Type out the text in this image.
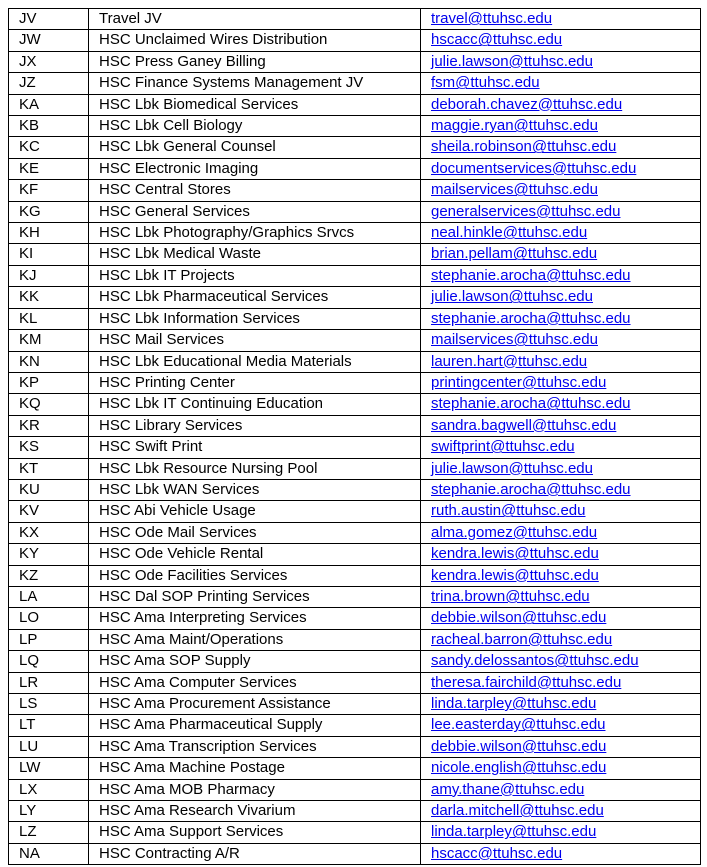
JV	Travel JV	travel@ttuhsc.edu
JW	HSC Unclaimed Wires Distribution	hscacc@ttuhsc.edu
JX	HSC Press Ganey Billing	julie.lawson@ttuhsc.edu
JZ	HSC Finance Systems Management JV	fsm@ttuhsc.edu
KA	HSC Lbk Biomedical Services	deborah.chavez@ttuhsc.edu
KB	HSC Lbk Cell Biology	maggie.ryan@ttuhsc.edu
KC	HSC Lbk General Counsel	sheila.robinson@ttuhsc.edu
KE	HSC Electronic Imaging	documentservices@ttuhsc.edu
KF	HSC Central Stores	mailservices@ttuhsc.edu
KG	HSC General Services	generalservices@ttuhsc.edu
KH	HSC Lbk Photography/Graphics Srvcs	neal.hinkle@ttuhsc.edu
KI	HSC Lbk Medical Waste	brian.pellam@ttuhsc.edu
KJ	HSC Lbk IT Projects	stephanie.arocha@ttuhsc.edu
KK	HSC Lbk Pharmaceutical Services	julie.lawson@ttuhsc.edu
KL	HSC Lbk Information Services	stephanie.arocha@ttuhsc.edu
KM	HSC Mail Services	mailservices@ttuhsc.edu
KN	HSC Lbk Educational Media Materials	lauren.hart@ttuhsc.edu
KP	HSC Printing Center	printingcenter@ttuhsc.edu
KQ	HSC Lbk IT Continuing Education	stephanie.arocha@ttuhsc.edu
KR	HSC Library Services	sandra.bagwell@ttuhsc.edu
KS	HSC Swift Print	swiftprint@ttuhsc.edu
KT	HSC Lbk Resource Nursing Pool	julie.lawson@ttuhsc.edu
KU	HSC Lbk WAN Services	stephanie.arocha@ttuhsc.edu
KV	HSC Abi Vehicle Usage	ruth.austin@ttuhsc.edu
KX	HSC Ode Mail Services	alma.gomez@ttuhsc.edu
KY	HSC Ode Vehicle Rental	kendra.lewis@ttuhsc.edu
KZ	HSC Ode Facilities Services	kendra.lewis@ttuhsc.edu
LA	HSC Dal SOP Printing Services	trina.brown@ttuhsc.edu
LO	HSC Ama Interpreting Services	debbie.wilson@ttuhsc.edu
LP	HSC Ama Maint/Operations	racheal.barron@ttuhsc.edu
LQ	HSC Ama SOP Supply	sandy.delossantos@ttuhsc.edu
LR	HSC Ama Computer Services	theresa.fairchild@ttuhsc.edu
LS	HSC Ama Procurement Assistance	linda.tarpley@ttuhsc.edu
LT	HSC Ama Pharmaceutical Supply	lee.easterday@ttuhsc.edu
LU	HSC Ama Transcription Services	debbie.wilson@ttuhsc.edu
LW	HSC Ama Machine Postage	nicole.english@ttuhsc.edu
LX	HSC Ama MOB Pharmacy	amy.thane@ttuhsc.edu
LY	HSC Ama Research Vivarium	darla.mitchell@ttuhsc.edu
LZ	HSC Ama Support Services	linda.tarpley@ttuhsc.edu
NA	HSC Contracting A/R	hscacc@ttuhsc.edu
